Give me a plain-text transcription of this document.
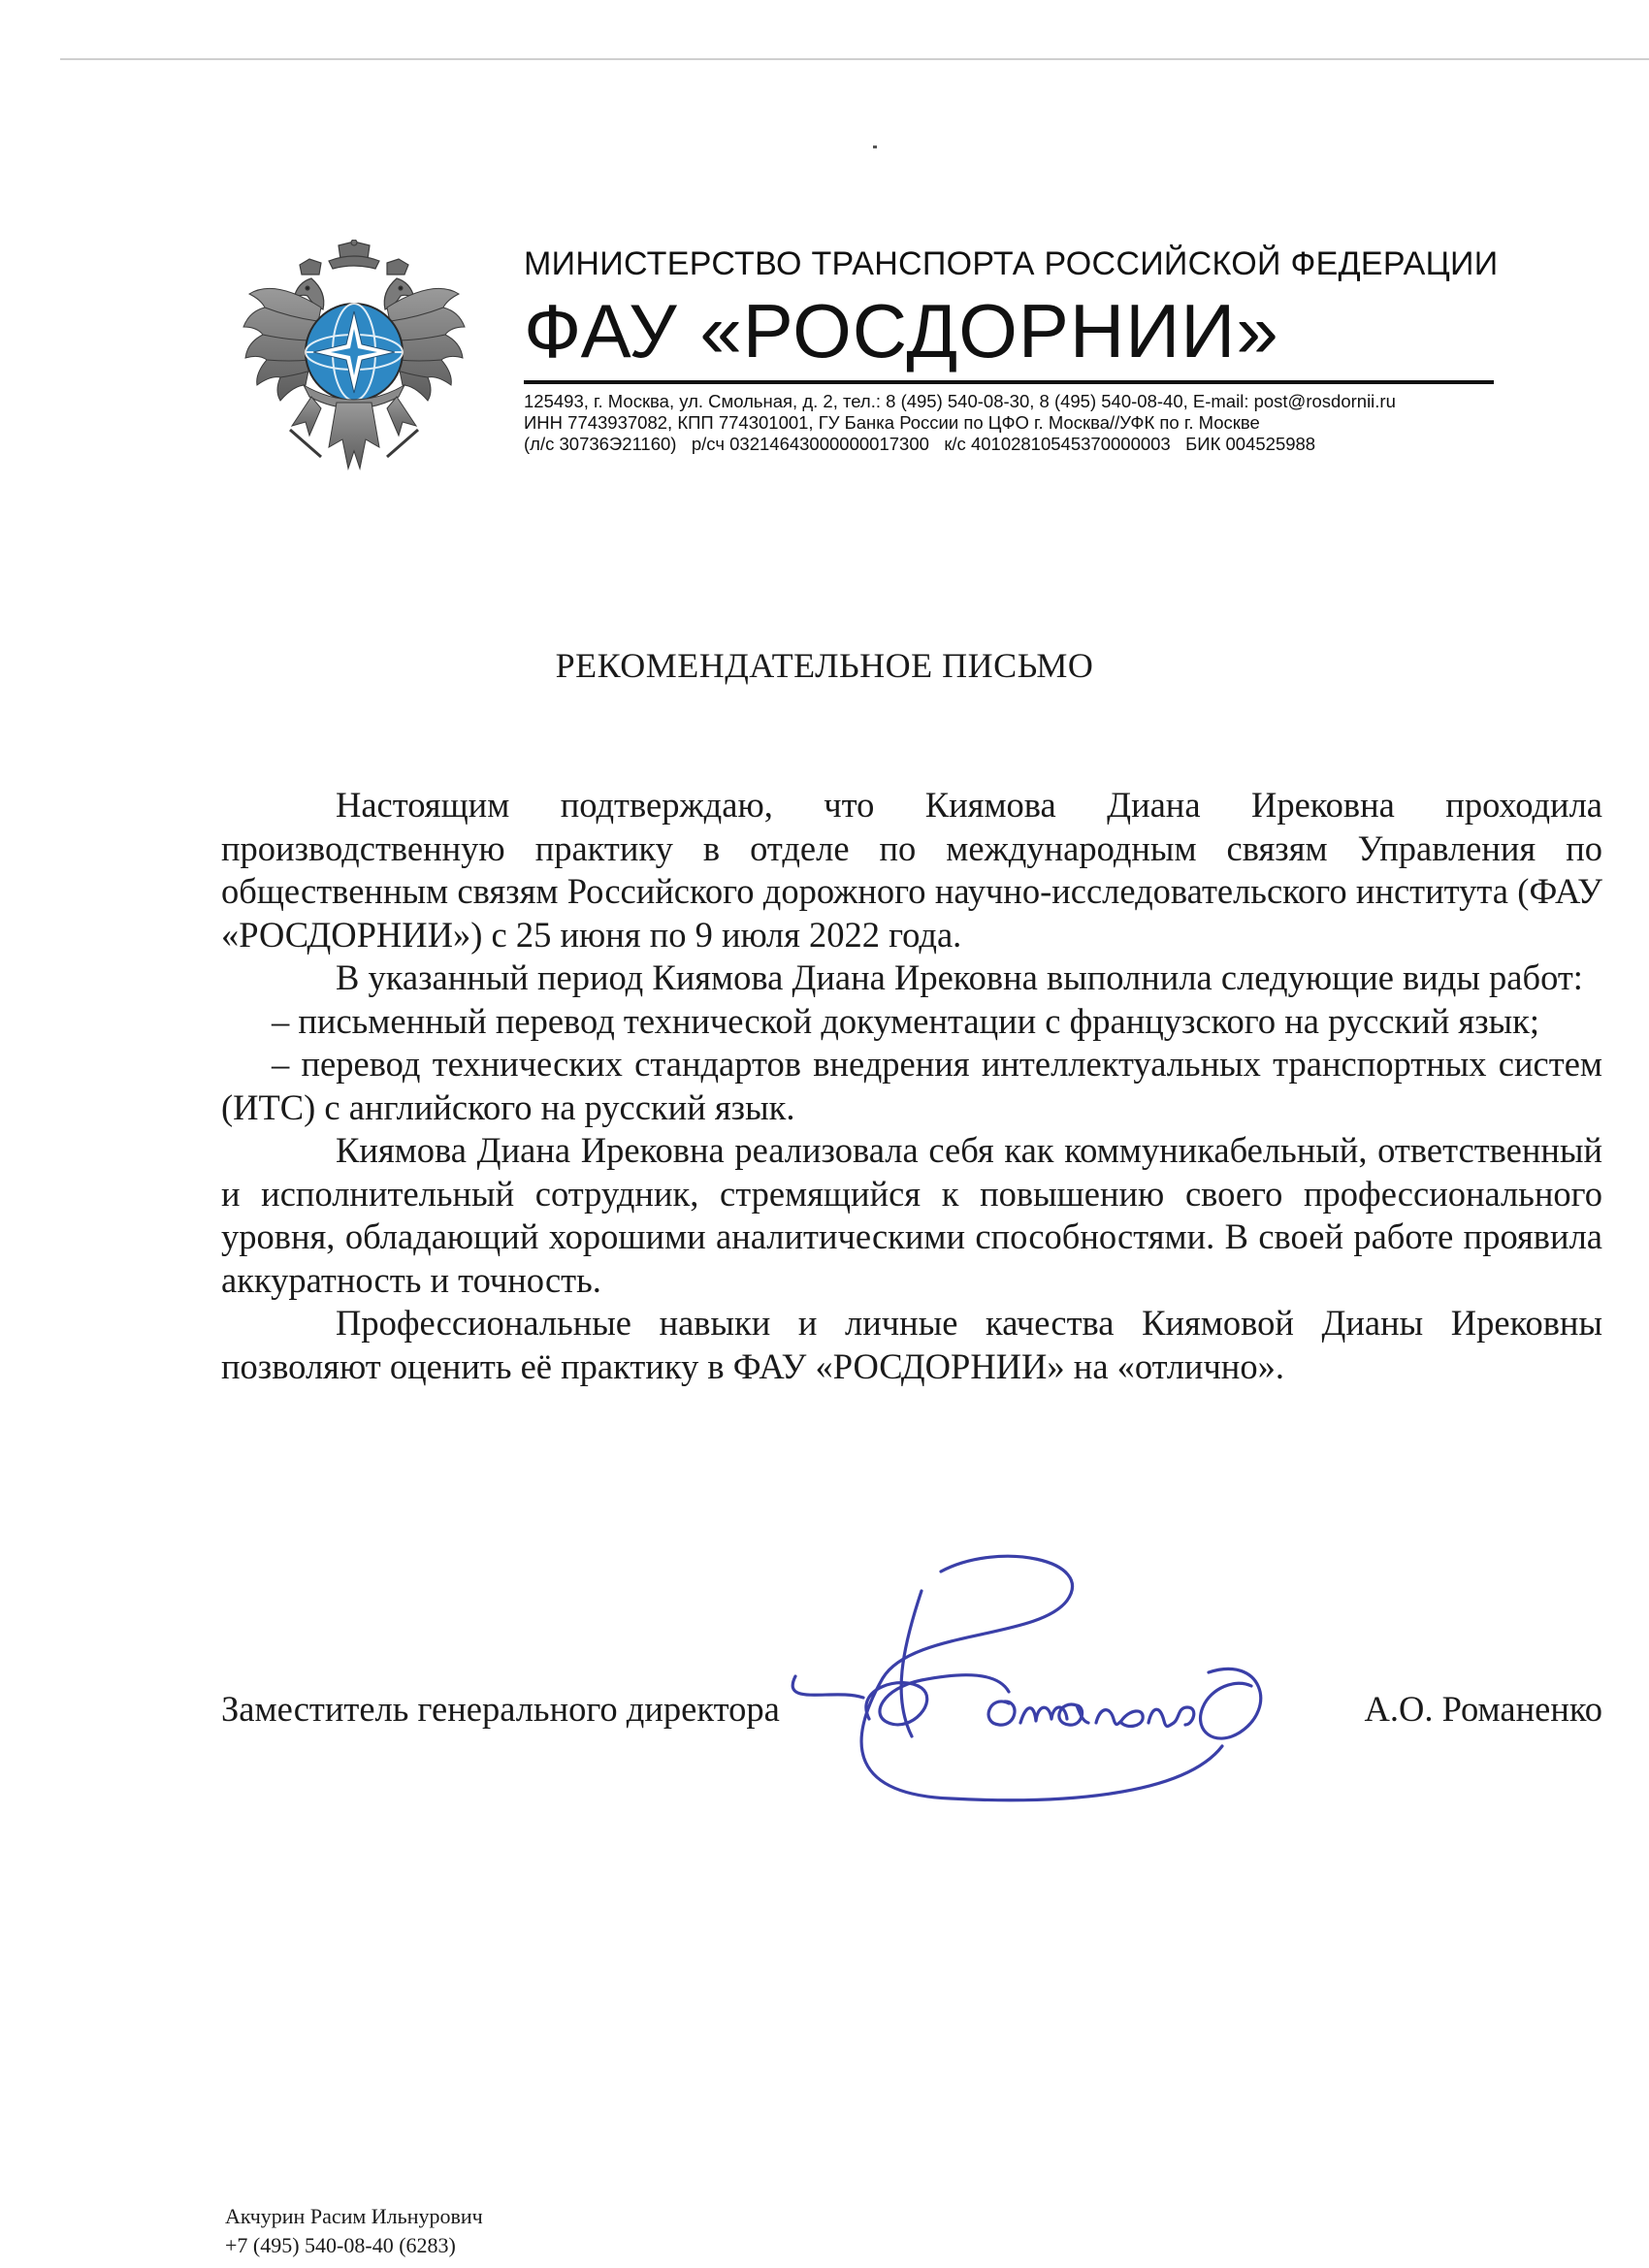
МИНИСТЕРСТВО ТРАНСПОРТА РОССИЙСКОЙ ФЕДЕРАЦИИ
ФАУ «РОСДОРНИИ»
125493, г. Москва, ул. Смольная, д. 2, тел.: 8 (495) 540-08-30, 8 (495) 540-08-40, E-mail: post@rosdornii.ru
ИНН 7743937082, КПП 774301001, ГУ Банка России по ЦФО г. Москва//УФК по г. Москве
(л/с 30736Э21160)   р/сч 03214643000000017300   к/с 40102810545370000003   БИК 004525988
РЕКОМЕНДАТЕЛЬНОЕ ПИСЬМО

Настоящим подтверждаю, что Киямова Диана Ирековна проходила производственную практику в отделе по международным связям Управления по общественным связям Российского дорожного научно-исследовательского института (ФАУ «РОСДОРНИИ») с 25 июня по 9 июля 2022 года.

В указанный период Киямова Диана Ирековна выполнила следующие виды работ:

– письменный перевод технической документации с французского на русский язык;

– перевод технических стандартов внедрения интеллектуальных транспортных систем (ИТС) с английского на русский язык.

Киямова Диана Ирековна реализовала себя как коммуникабельный, ответственный и исполнительный сотрудник, стремящийся к повышению своего профессионального уровня, обладающий хорошими аналитическими способностями. В своей работе проявила аккуратность и точность.

Профессиональные навыки и личные качества Киямовой Дианы Ирековны позволяют оценить её практику в ФАУ «РОСДОРНИИ» на «отлично».

Заместитель генерального директора	А.О. Романенко
Акчурин Расим Ильнурович
+7 (495) 540-08-40 (6283)
